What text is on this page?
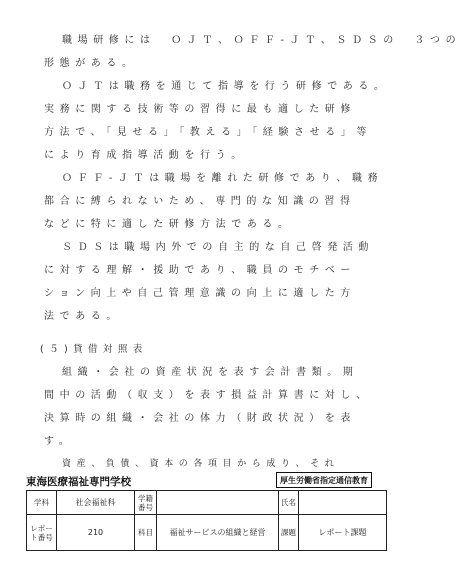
職場研修には　ＯＪＴ、ＯＦＦ-ＪＴ、ＳＤＳの　３つの
形態がある。
ＯＪＴは職務を通じて指導を行う研修である。
実務に関する技術等の習得に最も適した研修
方法で、「見せる」「教える」「経験させる」等
により育成指導活動を行う。
ＯＦＦ-ＪＴは職場を離れた研修であり、職務
都合に縛られないため、専門的な知識の習得
などに特に適した研修方法である。
ＳＤＳは職場内外での自主的な自己啓発活動
に対する理解・援助であり、職員のモチベー
ション向上や自己管理意識の向上に適した方
法である。
(５)貸借対照表
組織・会社の資産状況を表す会計書類。期
間中の活動（収支）を表す損益計算書に対し、
決算時の組織・会社の体力（財政状況）を表
す。
資産、負債、資本の各項目から成り、それ
東海医療福祉専門学校	厚生労働省指定通信教育
学科	社会福祉科	学籍番号		氏名	
レポート番号	210	科目	福祉サービスの組織と経営	課題	レポート課題
